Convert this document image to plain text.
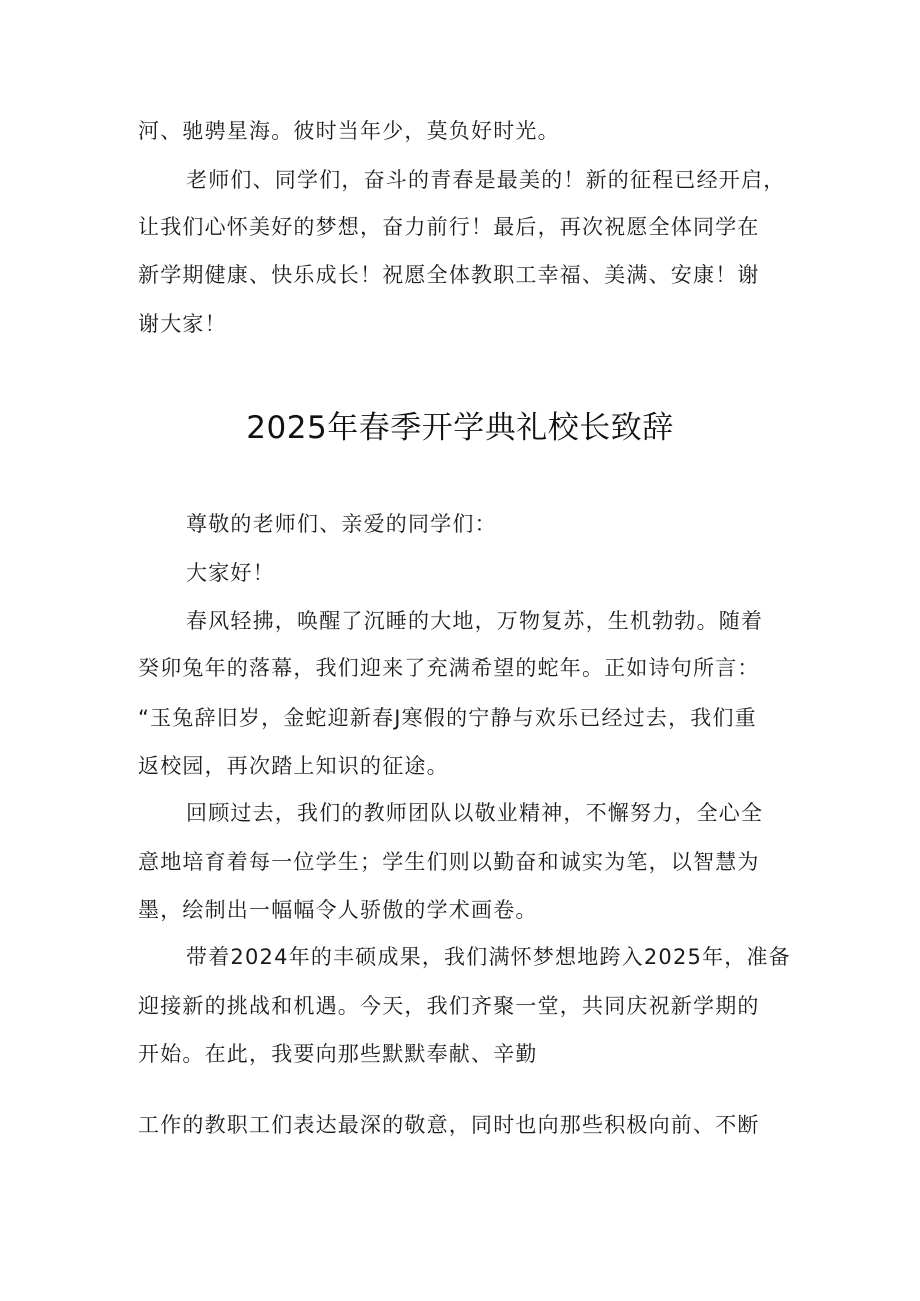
河、驰骋星海。彼时当年少，莫负好时光。
老师们、同学们，奋斗的青春是最美的！新的征程已经开启，
让我们心怀美好的梦想，奋力前行！最后，再次祝愿全体同学在
新学期健康、快乐成长！祝愿全体教职工幸福、美满、安康！谢
谢大家！
2025年春季开学典礼校长致辞
尊敬的老师们、亲爱的同学们：
大家好！
春风轻拂，唤醒了沉睡的大地，万物复苏，生机勃勃。随着
癸卯兔年的落幕，我们迎来了充满希望的蛇年。正如诗句所言：
“玉兔辞旧岁，金蛇迎新春J寒假的宁静与欢乐已经过去，我们重
返校园，再次踏上知识的征途。
回顾过去，我们的教师团队以敬业精神，不懈努力，全心全
意地培育着每一位学生；学生们则以勤奋和诚实为笔，以智慧为
墨，绘制出一幅幅令人骄傲的学术画卷。
带着2024年的丰硕成果，我们满怀梦想地跨入2025年，准备
迎接新的挑战和机遇。今天，我们齐聚一堂，共同庆祝新学期的
开始。在此，我要向那些默默奉献、辛勤
工作的教职工们表达最深的敬意，同时也向那些积极向前、不断
